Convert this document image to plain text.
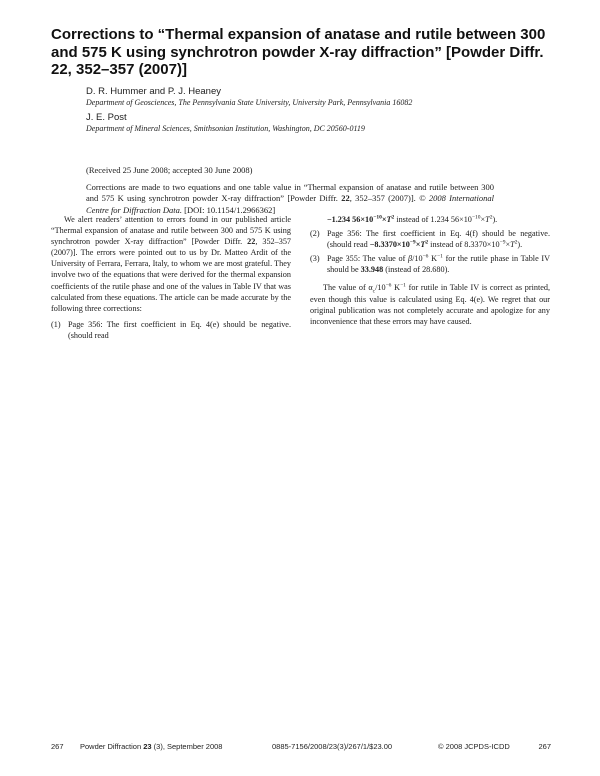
Corrections to “Thermal expansion of anatase and rutile between 300 and 575 K using synchrotron powder X-ray diffraction” [Powder Diffr. 22, 352–357 (2007)]
D. R. Hummer and P. J. Heaney
Department of Geosciences, The Pennsylvania State University, University Park, Pennsylvania 16082
J. E. Post
Department of Mineral Sciences, Smithsonian Institution, Washington, DC 20560-0119
(Received 25 June 2008; accepted 30 June 2008)

Corrections are made to two equations and one table value in “Thermal expansion of anatase and rutile between 300 and 575 K using synchrotron powder X-ray diffraction” [Powder Diffr. 22, 352–357 (2007)]. © 2008 International Centre for Diffraction Data. [DOI: 10.1154/1.2966362]

We alert readers’ attention to errors found in our published article “Thermal expansion of anatase and rutile between 300 and 575 K using synchrotron powder X-ray diffraction” [Powder Diffr. 22, 352–357 (2007)]. The errors were pointed out to us by Dr. Matteo Ardit of the University of Ferrara, Ferrara, Italy, to whom we are most grateful. They involve two of the equations that were derived for the thermal expansion coefficients of the rutile phase and one of the values in Table IV that was calculated from these equations. The article can be made accurate by the following three corrections:

(1) Page 356: The first coefficient in Eq. 4(e) should be negative. (should read
−1.234 $56\times 10^{-10}\times T^2$ instead of 1.234 $56\times 10^{-10}\times T^2$).
(2) Page 356: The first coefficient in Eq. 4(f) should be negative. (should read $-8.3370\times 10^{-9}\times T^2$ instead of $8.3370\times 10^{-9}\times T^2$).
(3) Page 355: The value of $\beta/10^{-6}$ $K^{-1}$ for the rutile phase in Table IV should be 33.948 (instead of 28.680).

The value of $\alpha_c/10^{-6}$ $K^{-1}$ for rutile in Table IV is correct as printed, even though this value is calculated using Eq. 4(e). We regret that our original publication was not completely accurate and apologize for any inconvenience that these errors may have caused.

267 Powder Diffraction 23 (3), September 2008	0885-7156/2008/23(3)/267/1/$23.00	© 2008 JCPDS-ICDD	267
